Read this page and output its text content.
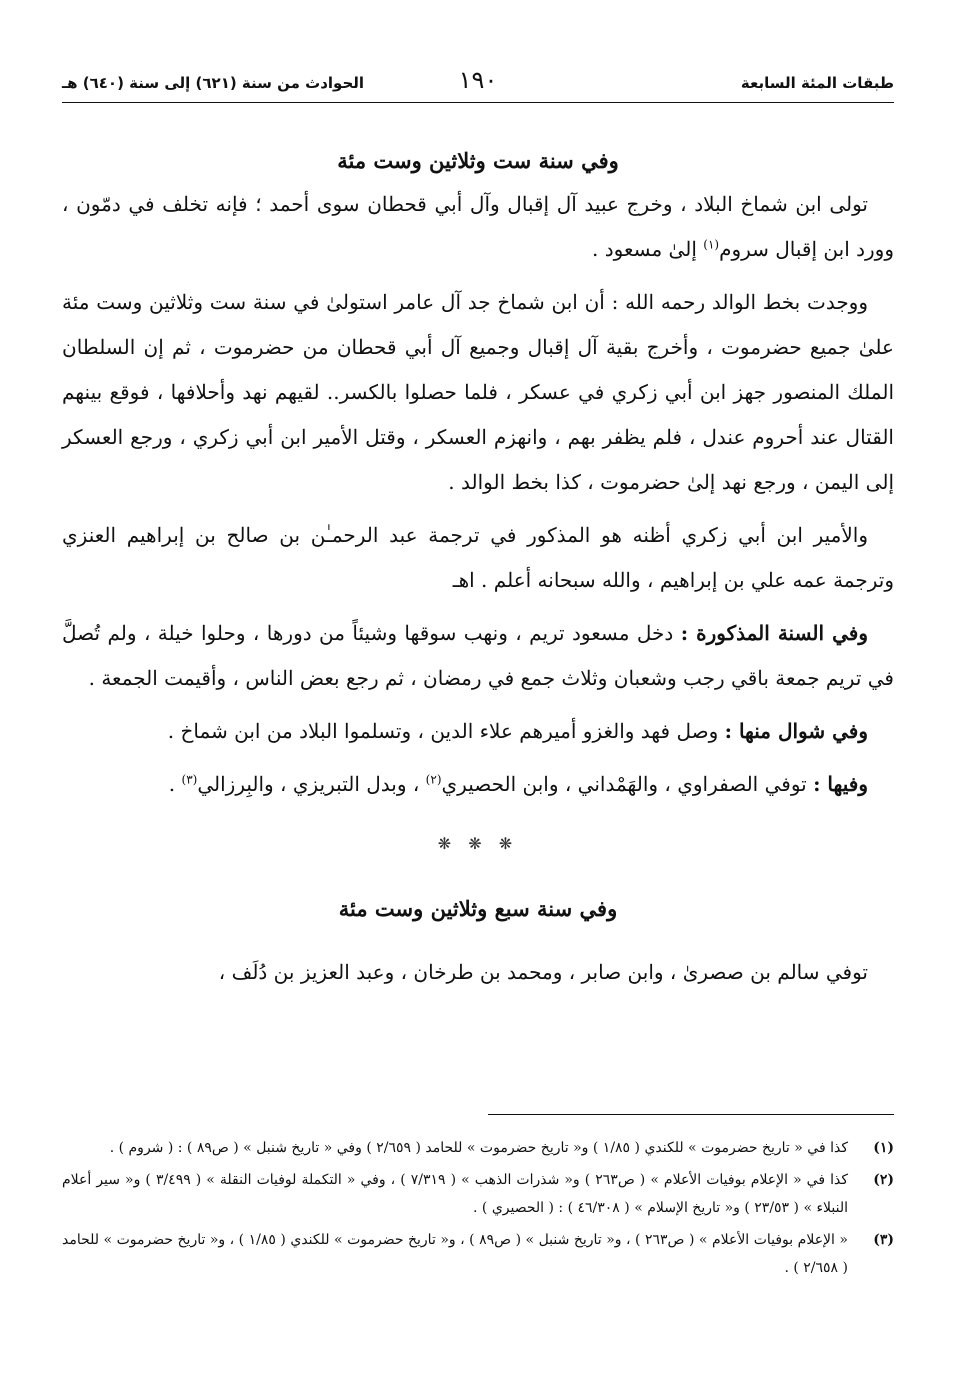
طبقات المئة السابعة
١٩٠
الحوادث من سنة (٦٢١) إلى سنة (٦٤٠) هـ
وفي سنة ست وثلاثين وست مئة

تولى ابن شماخ البلاد ، وخرج عبيد آل إقبال وآل أبي قحطان سوى أحمد ؛ فإنه تخلف في دمّون ، وورد ابن إقبال سروم$^{(١)}$ إلىٰ مسعود .

ووجدت بخط الوالد رحمه الله : أن ابن شماخ جد آل عامر استولىٰ في سنة ست وثلاثين وست مئة علىٰ جميع حضرموت ، وأخرج بقية آل إقبال وجميع آل أبي قحطان من حضرموت ، ثم إن السلطان الملك المنصور جهز ابن أبي زكري في عسكر ، فلما حصلوا بالكسر.. لقيهم نهد وأحلافها ، فوقع بينهم القتال عند أحروم عندل ، فلم يظفر بهم ، وانهزم العسكر ، وقتل الأمير ابن أبي زكري ، ورجع العسكر إلى اليمن ، ورجع نهد إلىٰ حضرموت ، كذا بخط الوالد .

والأمير ابن أبي زكري أظنه هو المذكور في ترجمة عبد الرحمـٰن بن صالح بن إبراهيم العنزي وترجمة عمه علي بن إبراهيم ، والله سبحانه أعلم . اهـ

وفي السنة المذكورة : دخل مسعود تريم ، ونهب سوقها وشيئاً من دورها ، وحلوا خيلة ، ولم تُصلَّ في تريم جمعة باقي رجب وشعبان وثلاث جمع في رمضان ، ثم رجع بعض الناس ، وأقيمت الجمعة .

وفي شوال منها : وصل فهد والغزو أميرهم علاء الدين ، وتسلموا البلاد من ابن شماخ .

وفيها : توفي الصفراوي ، والهَمْداني ، وابن الحصيري$^{(٢)}$ ، وبدل التبريزي ، والبِرزالي$^{(٣)}$ .

❋ ❋ ❋
وفي سنة سبع وثلاثين وست مئة

توفي سالم بن صصرىٰ ، وابن صابر ، ومحمد بن طرخان ، وعبد العزيز بن دُلَف ،

(١)
كذا في « تاريخ حضرموت » للكندي ( ١/٨٥ ) و« تاريخ حضرموت » للحامد ( ٢/٦٥٩ ) وفي « تاريخ شنبل » ( ص٨٩ ) : ( شروم ) .

(٢)
كذا في « الإعلام بوفيات الأعلام » ( ص٢٦٣ ) و« شذرات الذهب » ( ٧/٣١٩ ) ، وفي « التكملة لوفيات النقلة » ( ٣/٤٩٩ ) و« سير أعلام النبلاء » ( ٢٣/٥٣ ) و« تاريخ الإسلام » ( ٤٦/٣٠٨ ) : ( الحصيري ) .

(٣)
« الإعلام بوفيات الأعلام » ( ص٢٦٣ ) ، و« تاريخ شنبل » ( ص٨٩ ) ، و« تاريخ حضرموت » للكندي ( ١/٨٥ ) ، و« تاريخ حضرموت » للحامد ( ٢/٦٥٨ ) .
